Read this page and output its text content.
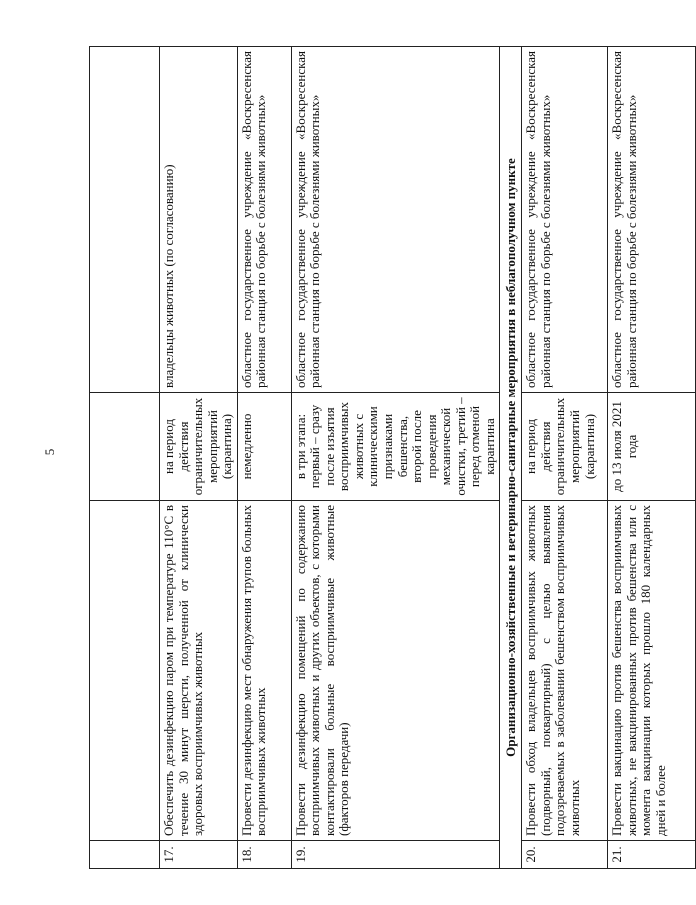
5

17.	Обеспечить дезинфекцию паром при температуре 110°С в течение 30 минут шерсти, полученной от клинически здоровых восприимчивых животных	на период действия ограничительных мероприятий (карантина)	владельцы животных (по согласованию)
18.	Провести дезинфекцию мест обнаружения трупов больных восприимчивых животных	немедленно	областное государственное учреждение «Воскресенская районная станция по борьбе с болезнями животных»
19.	Провести дезинфекцию помещений по содержанию восприимчивых животных и других объектов, с которыми контактировали больные восприимчивые животные (факторов передачи)	в три этапа: первый – сразу после изъятия восприимчивых животных с клиническими признаками бешенства, второй после проведения механической очистки, третий – перед отменой карантина	областное государственное учреждение «Воскресенская районная станция по борьбе с болезнями животных»
Организационно-хозяйственные и ветеринарно-санитарные мероприятия в неблагополучном пункте			
20.	Провести обход владельцев восприимчивых животных (подворный, поквартирный) с целью выявления подозреваемых в заболевании бешенством восприимчивых животных	на период действия ограничительных мероприятий (карантина)	областное государственное учреждение «Воскресенская районная станция по борьбе с болезнями животных»
21.	Провести вакцинацию против бешенства восприимчивых животных, не вакцинированных против бешенства или с момента вакцинации которых прошло 180 календарных дней и более	до 13 июля 2021 года	областное государственное учреждение «Воскресенская районная станция по борьбе с болезнями животных»
